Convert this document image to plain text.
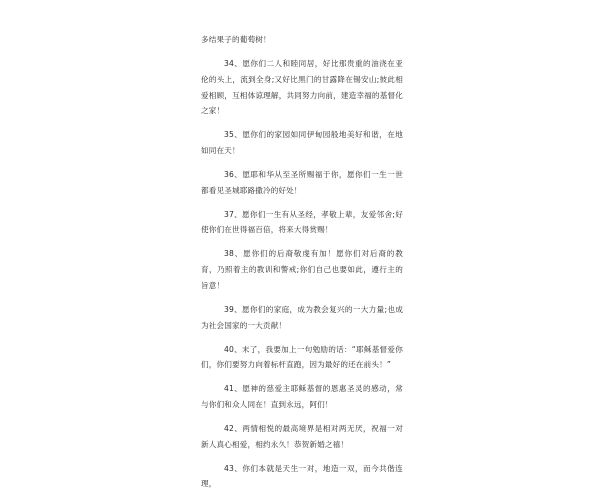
多结果子的葡萄树！

34、愿你们二人和睦同居，好比那贵重的油浇在亚伦的头上，流到全身;又好比黑门的甘露降在锡安山;彼此相爱相顾，互相体谅理解，共同努力向前，建造幸福的基督化之家！

35、愿你们的家园如同伊甸园般地美好和谐，在地如同在天！

36、愿耶和华从至圣所赐福于你，愿你们一生一世都看见圣城耶路撒冷的好处！

37、愿你们一生有从圣经，孝敬上辈，友爱邻舍;好使你们在世得福百倍，将来大得赏赐！

38、愿你们的后裔敬虔有加！愿你们对后裔的教育，乃照着主的教训和警戒;你们自己也要如此，遵行主的旨意！

39、愿你们的家庭，成为教会复兴的一大力量;也成为社会国家的一大贡献！

40、末了，我要加上一句勉励的话：“耶稣基督爱你们，你们要努力向着标杆直跑，因为最好的还在前头！”

41、愿神的慈爱主耶稣基督的恩惠圣灵的感动，常与你们和众人同在！直到永远，阿们！

42、两情相悦的最高境界是相对两无厌，祝福一对新人真心相爱，相约永久！恭贺新婚之禧！

43、你们本就是天生一对，地造一双，而今共偕连理，
